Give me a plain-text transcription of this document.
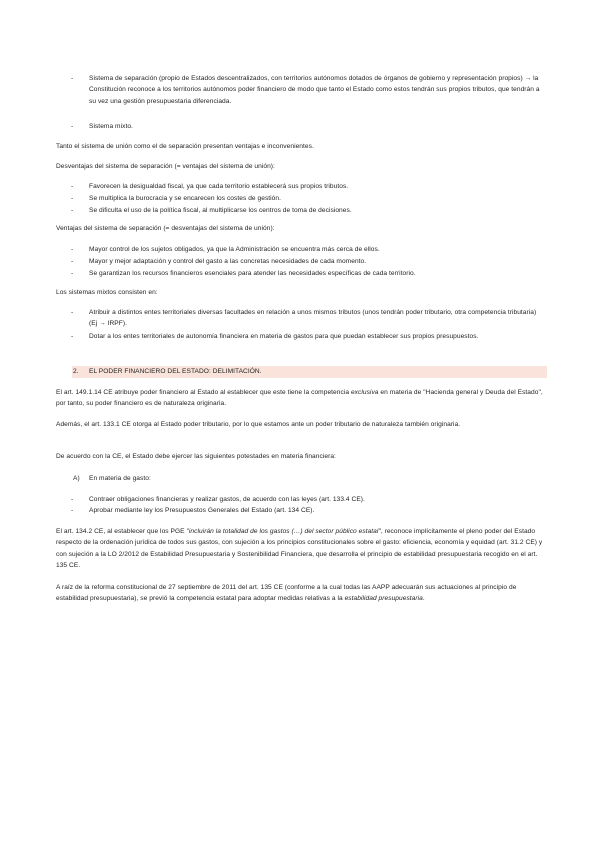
Sistema de separación (propio de Estados descentralizados, con territorios autónomos dotados de órganos de gobierno y representación propios) → la Constitución reconoce a los territorios autónomos poder financiero de modo que tanto el Estado como estos tendrán sus propios tributos, que tendrán a su vez una gestión presupuestaria diferenciada.
Sistema mixto.
Tanto el sistema de unión como el de separación presentan ventajas e inconvenientes.
Desventajas del sistema de separación (= ventajas del sistema de unión):
Favorecen la desigualdad fiscal, ya que cada territorio establecerá sus propios tributos.
Se multiplica la burocracia y se encarecen los costes de gestión.
Se dificulta el uso de la política fiscal, al multiplicarse los centros de toma de decisiones.
Ventajas del sistema de separación (= desventajas del sistema de unión):
Mayor control de los sujetos obligados, ya que la Administración se encuentra más cerca de ellos.
Mayor y mejor adaptación y control del gasto a las concretas necesidades de cada momento.
Se garantizan los recursos financieros esenciales para atender las necesidades específicas de cada territorio.
Los sistemas mixtos consisten en:
Atribuir a distintos entes territoriales diversas facultades en relación a unos mismos tributos (unos tendrán poder tributario, otra competencia tributaria) (Ej → IRPF).
Dotar a los entes territoriales de autonomía financiera en materia de gastos para que puedan establecer sus propios presupuestos.
2. EL PODER FINANCIERO DEL ESTADO: DELIMITACIÓN.
El art. 149.1.14 CE atribuye poder financiero al Estado al establecer que este tiene la competencia exclusiva en materia de "Hacienda general y Deuda del Estado", por tanto, su poder financiero es de naturaleza originaria.
Además, el art. 133.1 CE otorga al Estado poder tributario, por lo que estamos ante un poder tributario de naturaleza también originaria.
De acuerdo con la CE, el Estado debe ejercer las siguientes potestades en materia financiera:
A) En materia de gasto:
Contraer obligaciones financieras y realizar gastos, de acuerdo con las leyes (art. 133.4 CE).
Aprobar mediante ley los Presupuestos Generales del Estado (art. 134 CE).
El art. 134.2 CE, al establecer que los PGE "incluirán la totalidad de los gastos (…) del sector público estatal", reconoce implícitamente el pleno poder del Estado respecto de la ordenación jurídica de todos sus gastos, con sujeción a los principios constitucionales sobre el gasto: eficiencia, economía y equidad (art. 31.2 CE) y con sujeción a la LO 2/2012 de Estabilidad Presupuestaria y Sostenibilidad Financiera, que desarrolla el principio de estabilidad presupuestaria recogido en el art. 135 CE.
A raíz de la reforma constitucional de 27 septiembre de 2011 del art. 135 CE (conforme a la cual todas las AAPP adecuarán sus actuaciones al principio de estabilidad presupuestaria), se previó la competencia estatal para adoptar medidas relativas a la estabilidad presupuestaria.
